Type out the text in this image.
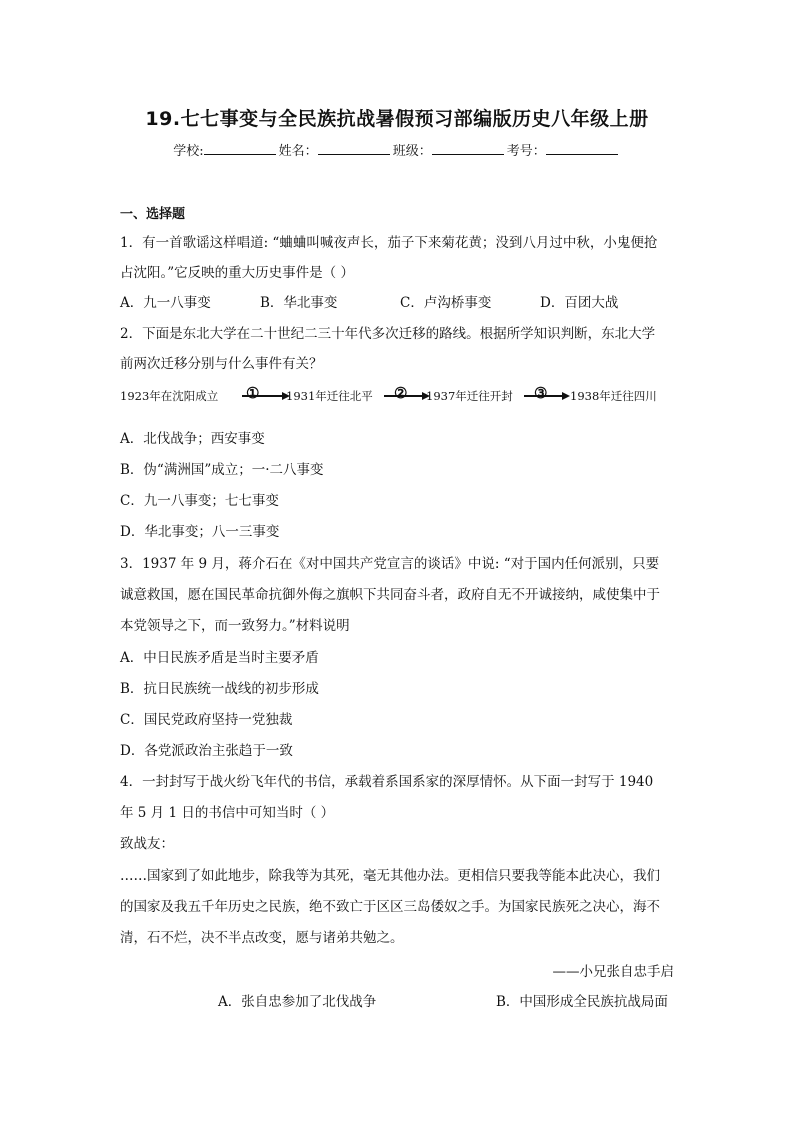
19.七七事变与全民族抗战暑假预习部编版历史八年级上册
学校:	姓名：	班级：	考号：
一、选择题
1．有一首歌谣这样唱道: “蛐蛐叫喊夜声长，茄子下来菊花黄；没到八月过中秋，小鬼便抢
占沈阳。”它反映的重大历史事件是（ ）
A．九一八事变	B．华北事变	C．卢沟桥事变	D．百团大战
2．下面是东北大学在二十世纪二三十年代多次迁移的路线。根据所学知识判断，东北大学
前两次迁移分别与什么事件有关？
1923年在沈阳成立 ① 1931年迁往北平 ② 1937年迁往开封 ③ 1938年迁往四川
A．北伐战争；西安事变
B．伪“满洲国”成立；一·二八事变
C．九一八事变；七七事变
D．华北事变；八一三事变
3．1937 年 9 月，蒋介石在《对中国共产党宣言的谈话》中说: “对于国内任何派别，只要
诚意救国，愿在国民革命抗御外侮之旗帜下共同奋斗者，政府自无不开诚接纳，咸使集中于
本党领导之下，而一致努力。”材料说明
A．中日民族矛盾是当时主要矛盾
B．抗日民族统一战线的初步形成
C．国民党政府坚持一党独裁
D．各党派政治主张趋于一致
4．一封封写于战火纷飞年代的书信，承载着系国系家的深厚情怀。从下面一封写于 1940
年 5 月 1 日的书信中可知当时（ ）
致战友：
……国家到了如此地步，除我等为其死，毫无其他办法。更相信只要我等能本此决心，我们
的国家及我五千年历史之民族，绝不致亡于区区三岛倭奴之手。为国家民族死之决心，海不
清，石不烂，决不半点改变，愿与诸弟共勉之。
——小兄张自忠手启
A．张自忠参加了北伐战争	B．中国形成全民族抗战局面
